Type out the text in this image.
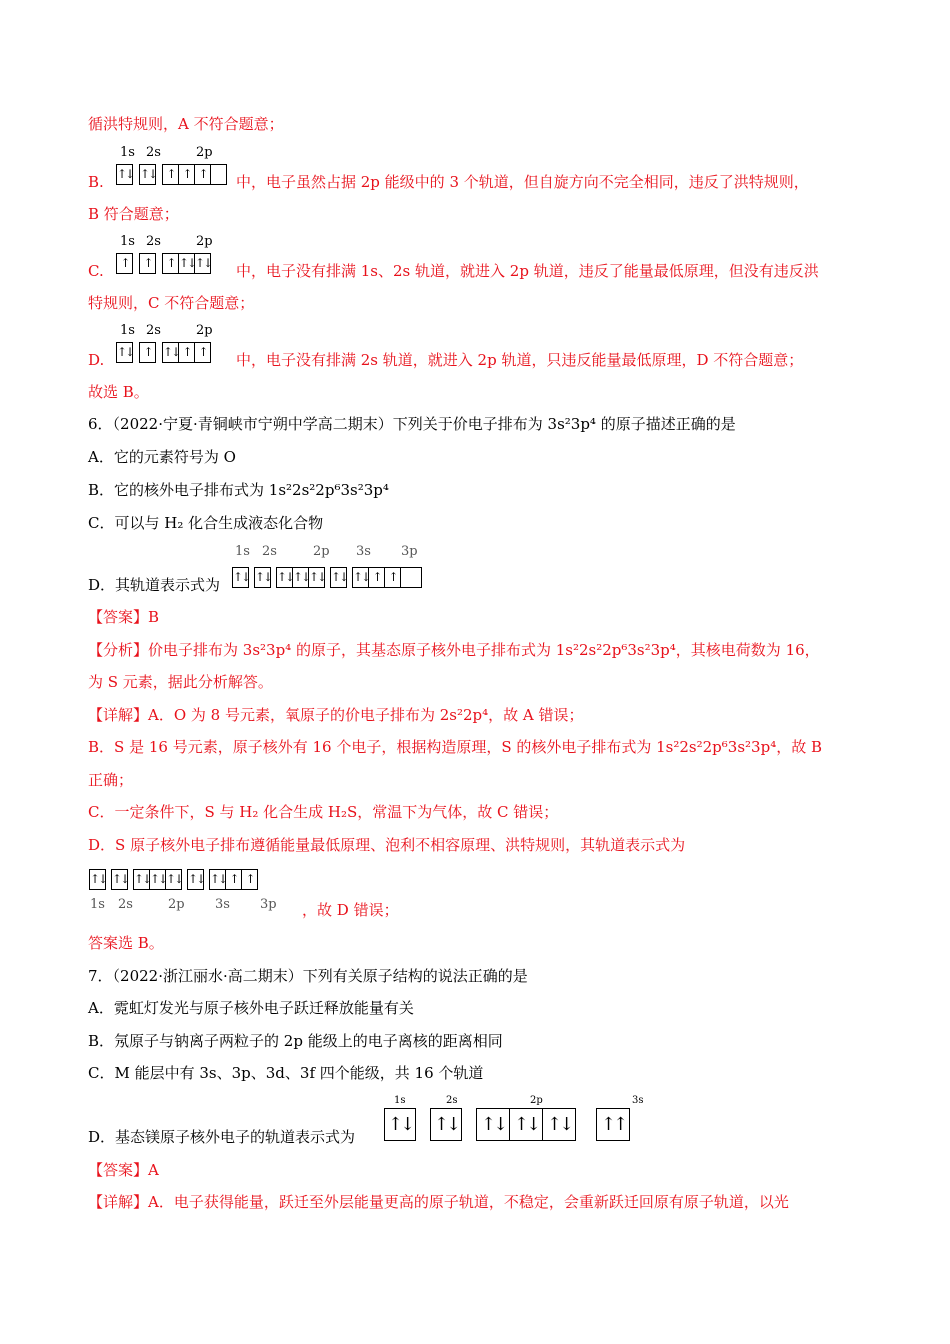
循洪特规则，A 不符合题意；
1s 2s	2p
B. ↑↓ ↑↓ ↑ ↑ ↑ 中，电子虽然占据 2p 能级中的 3 个轨道，但自旋方向不完全相同，违反了洪特规则，
B 符合题意；
1s 2s	2p
C. ↑ ↑ ↑ ↑↓ ↑↓ 中，电子没有排满 1s、2s 轨道，就进入 2p 轨道，违反了能量最低原理，但没有违反洪
特规则，C 不符合题意；
1s 2s	2p
D. ↑↓ ↑ ↑↓ ↑ ↑ 中，电子没有排满 2s 轨道，就进入 2p 轨道，只违反能量最低原理，D 不符合题意；
故选 B。
6．（2022·宁夏·青铜峡市宁朔中学高二期末）下列关于价电子排布为 3s²3p⁴ 的原子描述正确的是
A．它的元素符号为 O
B．它的核外电子排布式为 1s²2s²2p⁶3s²3p⁴
C．可以与 H₂ 化合生成液态化合物
1s 2s	2p 3s 3p
D．其轨道表示式为 ↑↓ ↑↓ ↑↓ ↑↓ ↑↓ ↑↓ ↑↓ ↑ ↑
【答案】B
【分析】价电子排布为 3s²3p⁴ 的原子，其基态原子核外电子排布式为 1s²2s²2p⁶3s²3p⁴，其核电荷数为 16，
为 S 元素，据此分析解答。
【详解】A．O 为 8 号元素，氧原子的价电子排布为 2s²2p⁴，故 A 错误；
B．S 是 16 号元素，原子核外有 16 个电子，根据构造原理，S 的核外电子排布式为 1s²2s²2p⁶3s²3p⁴，故 B
正确；
C．一定条件下，S 与 H₂ 化合生成 H₂S，常温下为气体，故 C 错误；
D．S 原子核外电子排布遵循能量最低原理、泡利不相容原理、洪特规则，其轨道表示式为
↑↓ ↑↓ ↑↓ ↑↓ ↑↓ ↑↓ ↑↓ ↑ ↑
1s 2s	2p 3s 3p ，故 D 错误；
答案选 B。
7．（2022·浙江丽水·高二期末）下列有关原子结构的说法正确的是
A．霓虹灯发光与原子核外电子跃迁释放能量有关
B．氖原子与钠离子两粒子的 2p 能级上的电子离核的距离相同
C．M 能层中有 3s、3p、3d、3f 四个能级，共 16 个轨道
1s	2s	2p	3s
D．基态镁原子核外电子的轨道表示式为
↑↓ ↑↓ ↑↓ ↑↓ ↑↓ ↑↑
【答案】A
【详解】A．电子获得能量，跃迁至外层能量更高的原子轨道，不稳定，会重新跃迁回原有原子轨道，以光
